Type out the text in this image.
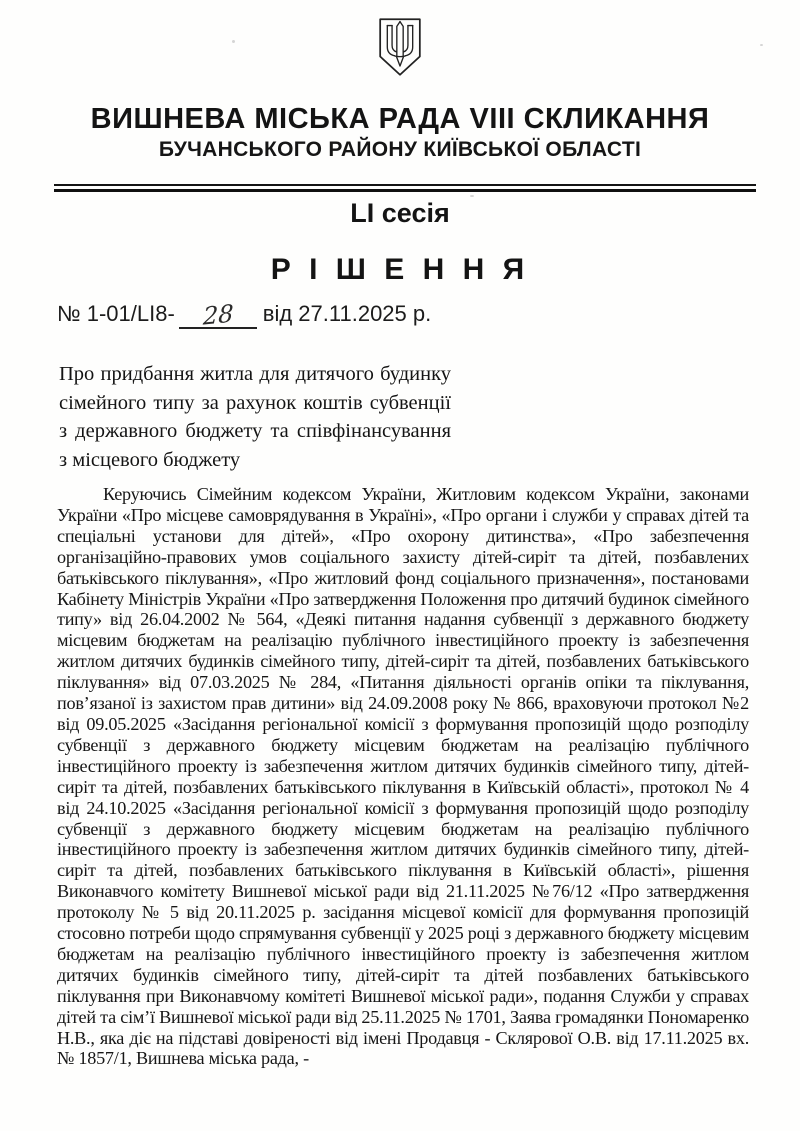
ВИШНЕВА МІСЬКА РАДА VIII СКЛИКАННЯ
БУЧАНСЬКОГО РАЙОНУ КИЇВСЬКОЇ ОБЛАСТІ
LI сесія
Р І Ш Е Н Н Я
№ 1-01/LI8- 28 від 27.11.2025 р.
Про придбання житла для дитячого будинку сімейного типу за рахунок коштів субвенції з державного бюджету та співфінансування з місцевого бюджету
Керуючись Сімейним кодексом України, Житловим кодексом України, законами України «Про місцеве самоврядування в Україні», «Про органи і служби у справах дітей та спеціальні установи для дітей», «Про охорону дитинства», «Про забезпечення організаційно-правових умов соціального захисту дітей-сиріт та дітей, позбавлених батьківського піклування», «Про житловий фонд соціального призначення», постановами Кабінету Міністрів України «Про затвердження Положення про дитячий будинок сімейного типу» від 26.04.2002 № 564, «Деякі питання надання субвенції з державного бюджету місцевим бюджетам на реалізацію публічного інвестиційного проекту із забезпечення житлом дитячих будинків сімейного типу, дітей-сиріт та дітей, позбавлених батьківського піклування» від 07.03.2025 № 284, «Питання діяльності органів опіки та піклування, пов’язаної із захистом прав дитини» від 24.09.2008 року № 866, враховуючи протокол №2 від 09.05.2025 «Засідання регіональної комісії з формування пропозицій щодо розподілу субвенції з державного бюджету місцевим бюджетам на реалізацію публічного інвестиційного проекту із забезпечення житлом дитячих будинків сімейного типу, дітей-сиріт та дітей, позбавлених батьківського піклування в Київській області», протокол № 4 від 24.10.2025 «Засідання регіональної комісії з формування пропозицій щодо розподілу субвенції з державного бюджету місцевим бюджетам на реалізацію публічного інвестиційного проекту із забезпечення житлом дитячих будинків сімейного типу, дітей-сиріт та дітей, позбавлених батьківського піклування в Київській області», рішення Виконавчого комітету Вишневої міської ради від 21.11.2025 №76/12 «Про затвердження протоколу № 5 від 20.11.2025 р. засідання місцевої комісії для формування пропозицій стосовно потреби щодо спрямування субвенції у 2025 році з державного бюджету місцевим бюджетам на реалізацію публічного інвестиційного проекту із забезпечення житлом дитячих будинків сімейного типу, дітей-сиріт та дітей позбавлених батьківського піклування при Виконавчому комітеті Вишневої міської ради», подання Служби у справах дітей та сім’ї Вишневої міської ради від 25.11.2025 № 1701, Заява громадянки Пономаренко Н.В., яка діє на підставі довіреності від імені Продавця - Склярової О.В. від 17.11.2025 вх.№ 1857/1, Вишнева міська рада, -
